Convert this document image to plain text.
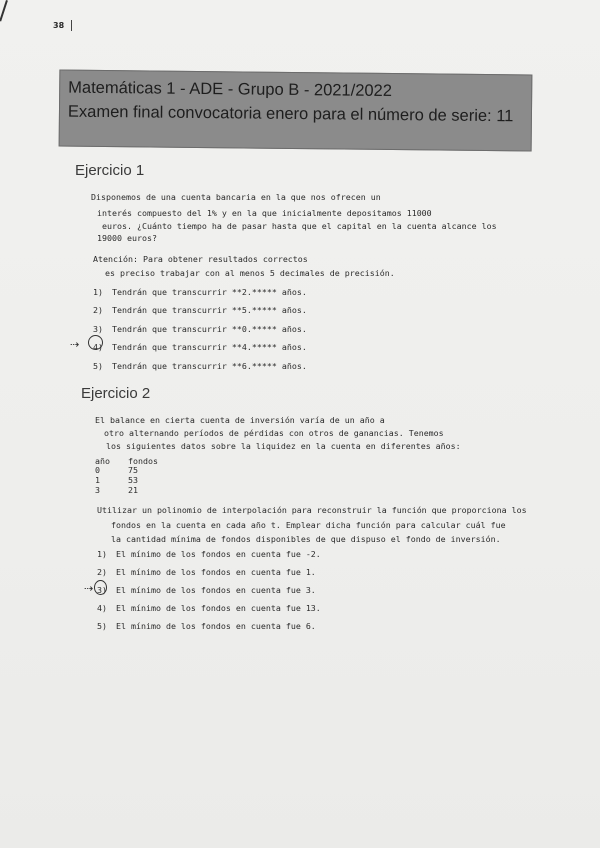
38
Matemáticas 1 - ADE - Grupo B - 2021/2022
Examen final convocatoria enero para el número de serie: 11
Ejercicio 1
Disponemos de una cuenta bancaria en la que nos ofrecen un
interés compuesto del 1% y en la que inicialmente depositamos 11000
euros. ¿Cuánto tiempo ha de pasar hasta que el capital en la cuenta alcance los
19000 euros?
Atención: Para obtener resultados correctos
es preciso trabajar con al menos 5 decimales de precisión.
1) Tendrán que transcurrir **2.***** años.
2) Tendrán que transcurrir **5.***** años.
3) Tendrán que transcurrir **0.***** años.
4) Tendrán que transcurrir **4.***** años.
5) Tendrán que transcurrir **6.***** años.
⇢
Ejercicio 2
El balance en cierta cuenta de inversión varía de un año a
otro alternando períodos de pérdidas con otros de ganancias. Tenemos
los siguientes datos sobre la liquidez en la cuenta en diferentes años:
año fondos
0	75
1	53
3	21
Utilizar un polinomio de interpolación para reconstruir la función que proporciona los
fondos en la cuenta en cada año t. Emplear dicha función para calcular cuál fue
la cantidad mínima de fondos disponibles de que dispuso el fondo de inversión.
1) El mínimo de los fondos en cuenta fue -2.
2) El mínimo de los fondos en cuenta fue 1.
3) El mínimo de los fondos en cuenta fue 3.
4) El mínimo de los fondos en cuenta fue 13.
5) El mínimo de los fondos en cuenta fue 6.
⇢
